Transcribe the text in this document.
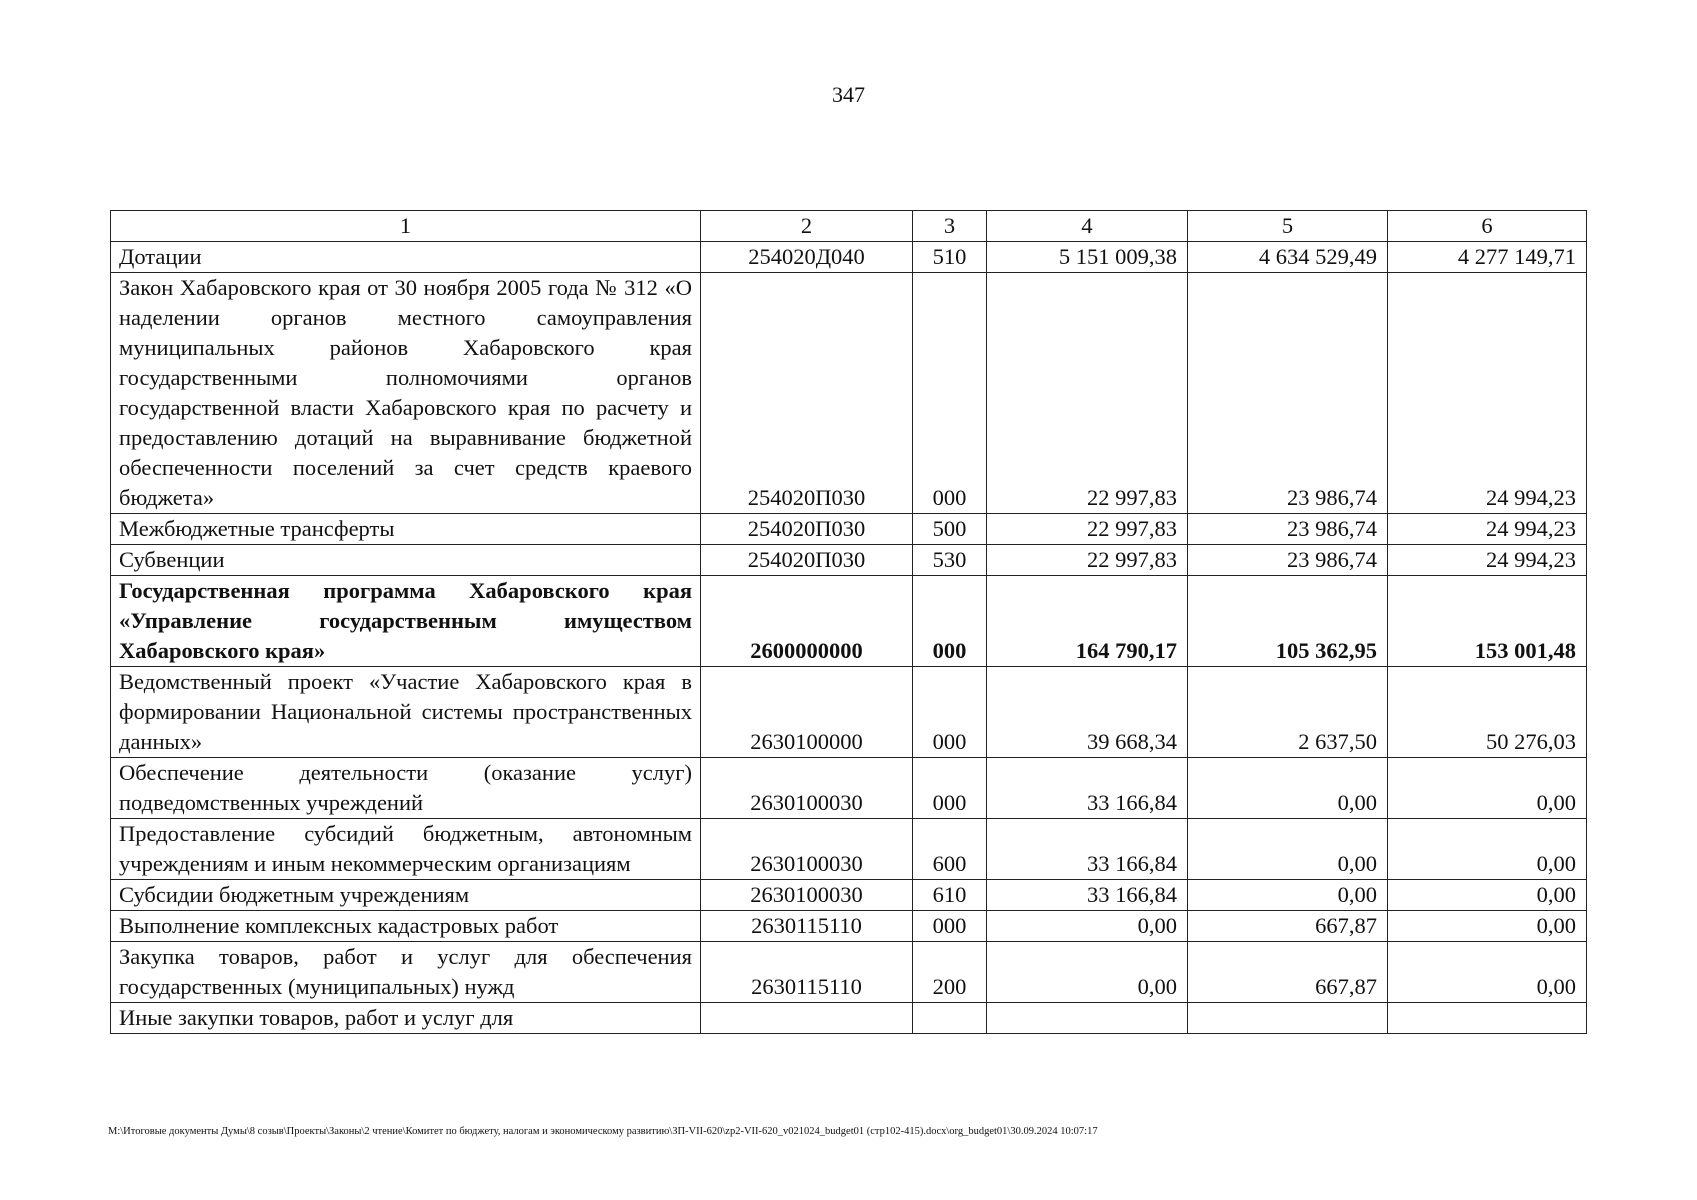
347
1	2	3	4	5	6
Дотации	254020Д040	510	5 151 009,38	4 634 529,49	4 277 149,71
Закон Хабаровского края от 30 ноября 2005 года № 312 «О наделении органов местного самоуправления муниципальных районов Хабаровского края государственными полномочиями органов государственной власти Хабаровского края по расчету и предоставлению дотаций на выравнивание бюджетной обеспеченности поселений за счет средств краевого бюджета»	254020П030	000	22 997,83	23 986,74	24 994,23
Межбюджетные трансферты	254020П030	500	22 997,83	23 986,74	24 994,23
Субвенции	254020П030	530	22 997,83	23 986,74	24 994,23
Государственная программа Хабаровского края «Управление государственным имуществом Хабаровского края»	2600000000	000	164 790,17	105 362,95	153 001,48
Ведомственный проект «Участие Хабаровского края в формировании Национальной системы пространственных данных»	2630100000	000	39 668,34	2 637,50	50 276,03
Обеспечение деятельности (оказание услуг) подведомственных учреждений	2630100030	000	33 166,84	0,00	0,00
Предоставление субсидий бюджетным, автономным учреждениям и иным некоммерческим организациям	2630100030	600	33 166,84	0,00	0,00
Субсидии бюджетным учреждениям	2630100030	610	33 166,84	0,00	0,00
Выполнение комплексных кадастровых работ	2630115110	000	0,00	667,87	0,00
Закупка товаров, работ и услуг для обеспечения государственных (муниципальных) нужд	2630115110	200	0,00	667,87	0,00
Иные закупки товаров, работ и услуг для					
M:\Итоговые документы Думы\8 созыв\Проекты\Законы\2 чтение\Комитет по бюджету, налогам и экономическому развитию\ЗП-VII-620\zp2-VII-620_v021024_budget01 (стр102-415).docx\org_budget01\30.09.2024 10:07:17
